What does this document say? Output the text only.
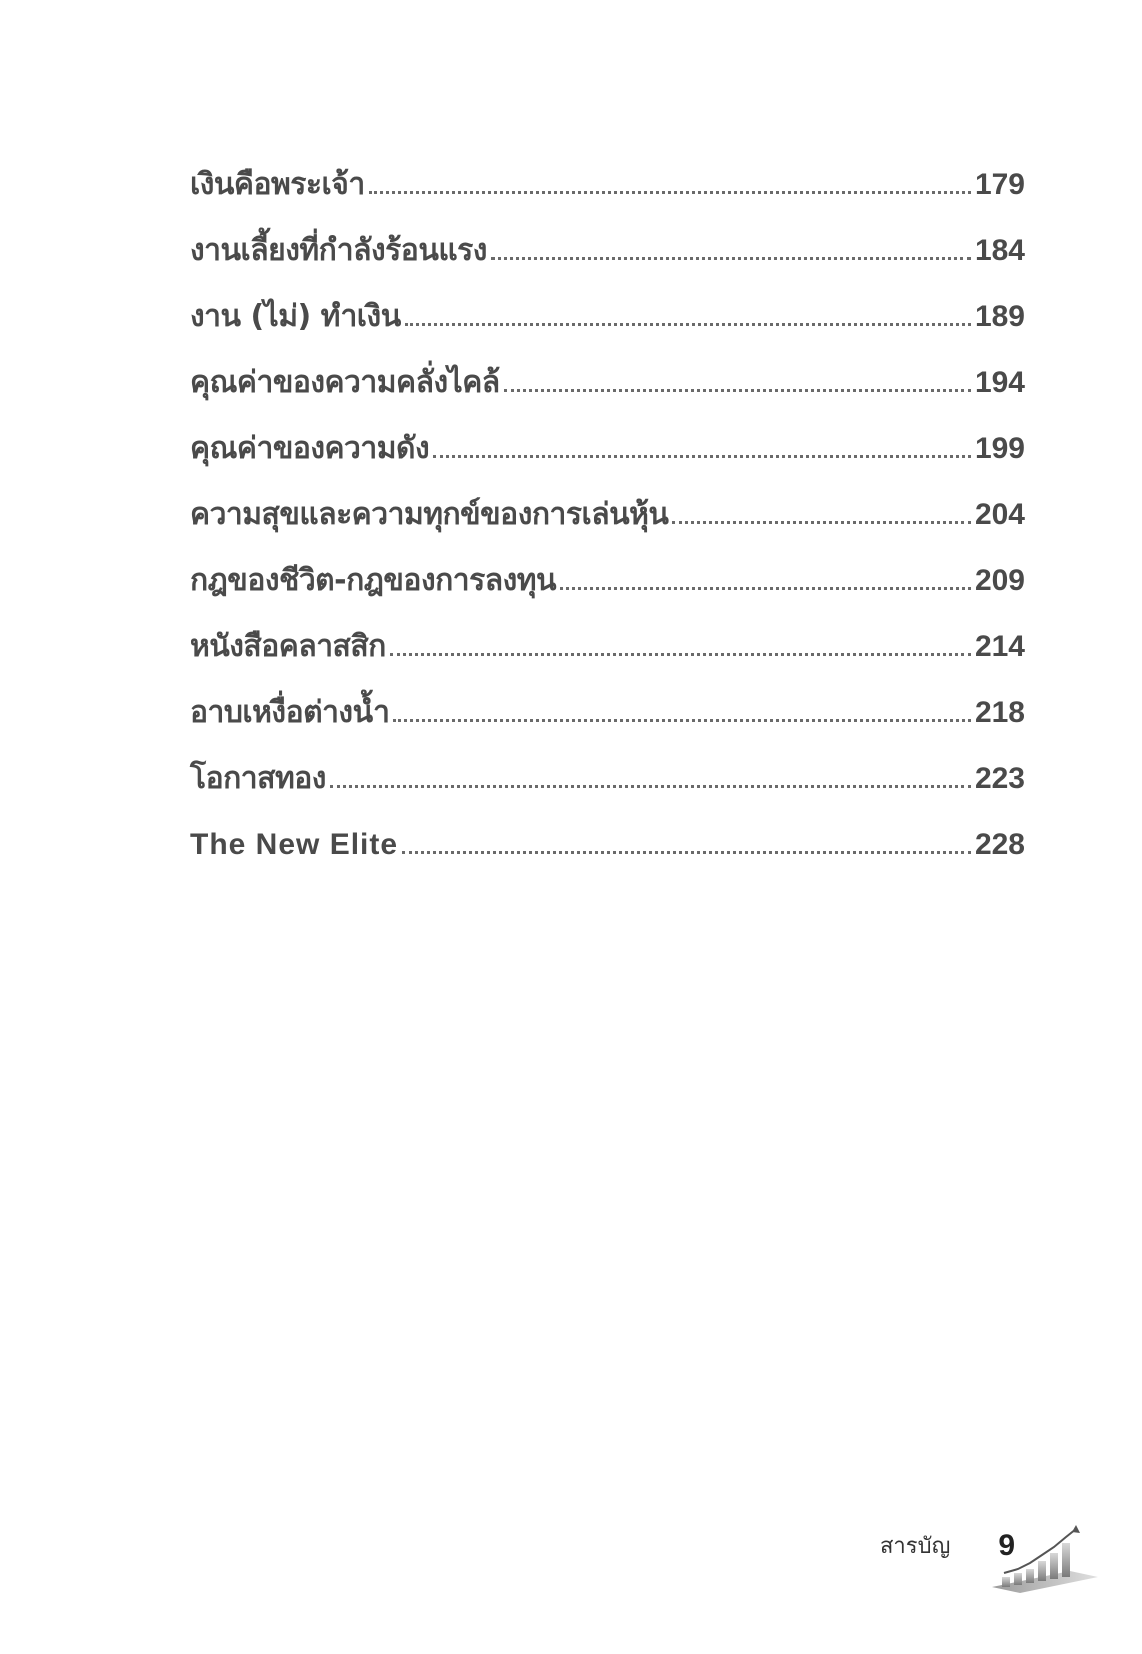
เงินคือพระเจ้า	179
งานเลี้ยงที่กำลังร้อนแรง	184
งาน (ไม่) ทำเงิน	189
คุณค่าของความคลั่งไคล้	194
คุณค่าของความดัง	199
ความสุขและความทุกข์ของการเล่นหุ้น	204
กฎของชีวิต-กฎของการลงทุน	209
หนังสือคลาสสิก	214
อาบเหงื่อต่างน้ำ	218
โอกาสทอง	223
The New Elite	228
สารบัญ 9
